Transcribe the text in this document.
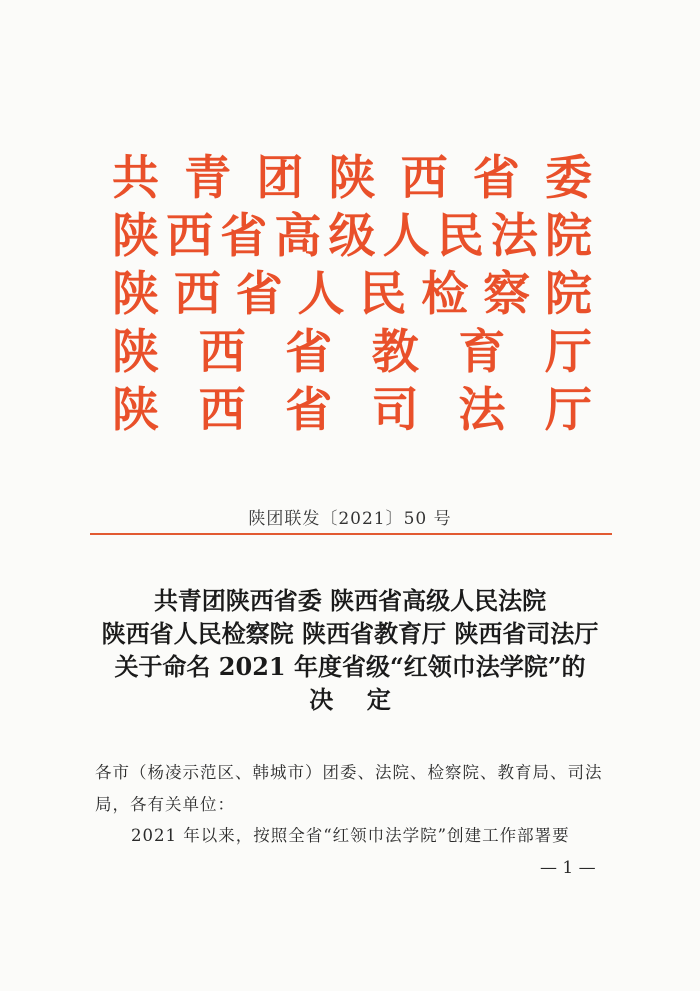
共 青 团 陕 西 省 委
陕 西 省 高 级 人 民 法 院
陕 西 省 人 民 检 察 院
陕 西 省 教 育 厅
陕 西 省 司 法 厅
陕团联发〔2021〕50 号
共青团陕西省委 陕西省高级人民法院
陕西省人民检察院 陕西省教育厅 陕西省司法厅
关于命名 2021 年度省级“红领巾法学院”的
决    定
各市（杨凌示范区、韩城市）团委、法院、检察院、教育局、司法局，各有关单位：
2021 年以来，按照全省“红领巾法学院”创建工作部署要
— 1 —
